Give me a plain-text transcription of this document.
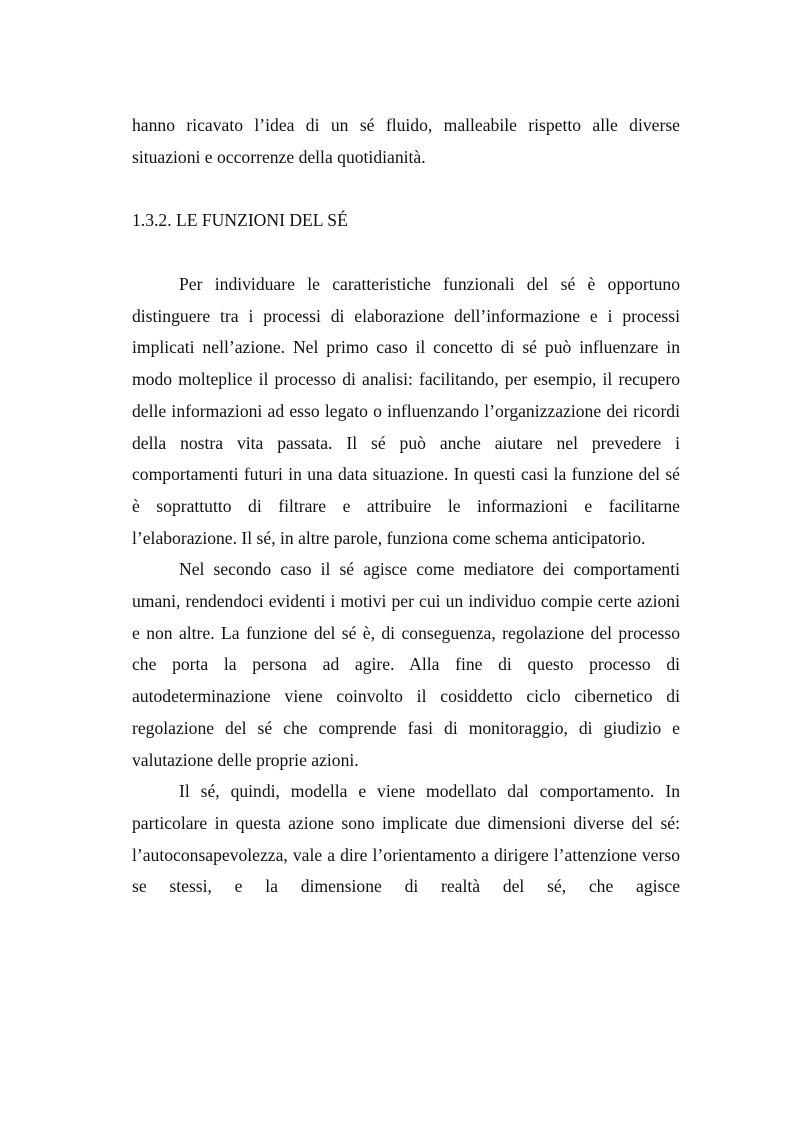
hanno ricavato l’idea di un sé fluido, malleabile rispetto alle diverse situazioni e occorrenze della quotidianità.

1.3.2. LE FUNZIONI DEL SÉ

Per individuare le caratteristiche funzionali del sé è opportuno distinguere tra i processi di elaborazione dell’informazione e i processi implicati nell’azione. Nel primo caso il concetto di sé può influenzare in modo molteplice il processo di analisi: facilitando, per esempio, il recupero delle informazioni ad esso legato o influenzando l’organizzazione dei ricordi della nostra vita passata. Il sé può anche aiutare nel prevedere i comportamenti futuri in una data situazione. In questi casi la funzione del sé è soprattutto di filtrare e attribuire le informazioni e facilitarne l’elaborazione. Il sé, in altre parole, funziona come schema anticipatorio.

Nel secondo caso il sé agisce come mediatore dei comportamenti umani, rendendoci evidenti i motivi per cui un individuo compie certe azioni e non altre. La funzione del sé è, di conseguenza, regolazione del processo che porta la persona ad agire. Alla fine di questo processo di autodeterminazione viene coinvolto il cosiddetto ciclo cibernetico di regolazione del sé che comprende fasi di monitoraggio, di giudizio e valutazione delle proprie azioni.

Il sé, quindi, modella e viene modellato dal comportamento. In particolare in questa azione sono implicate due dimensioni diverse del sé: l’autoconsapevolezza, vale a dire l’orientamento a dirigere l’attenzione verso se stessi, e la dimensione di realtà del sé, che agisce
